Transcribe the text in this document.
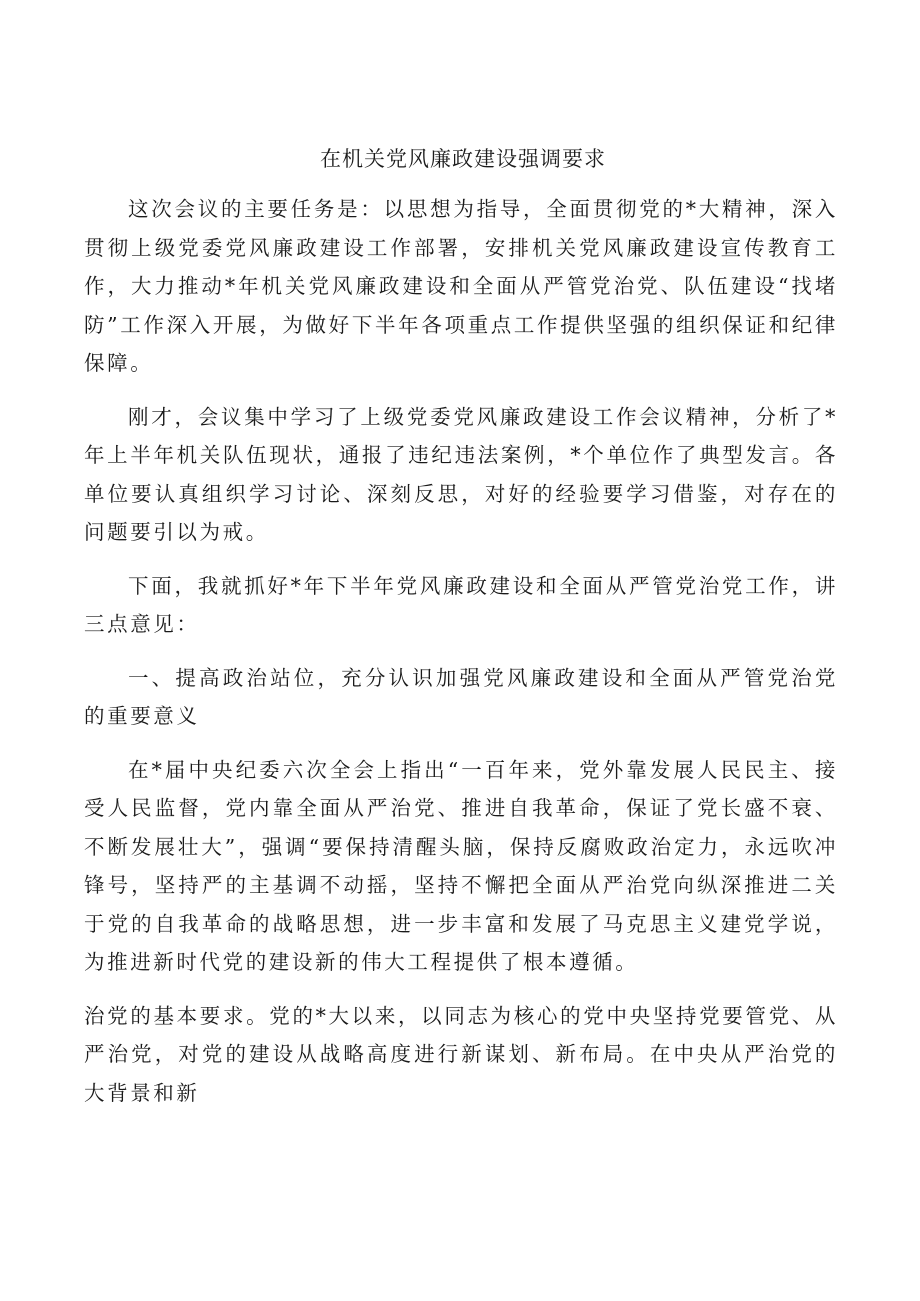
在机关党风廉政建设强调要求

这次会议的主要任务是：以思想为指导，全面贯彻党的*大精神，深入贯彻上级党委党风廉政建设工作部署，安排机关党风廉政建设宣传教育工作，大力推动*年机关党风廉政建设和全面从严管党治党、队伍建设“找堵防”工作深入开展，为做好下半年各项重点工作提供坚强的组织保证和纪律保障。

刚才，会议集中学习了上级党委党风廉政建设工作会议精神，分析了*年上半年机关队伍现状，通报了违纪违法案例，*个单位作了典型发言。各单位要认真组织学习讨论、深刻反思，对好的经验要学习借鉴，对存在的问题要引以为戒。

下面，我就抓好*年下半年党风廉政建设和全面从严管党治党工作，讲三点意见：

一、提高政治站位，充分认识加强党风廉政建设和全面从严管党治党的重要意义

在*届中央纪委六次全会上指出“一百年来，党外靠发展人民民主、接受人民监督，党内靠全面从严治党、推进自我革命，保证了党长盛不衰、不断发展壮大”，强调“要保持清醒头脑，保持反腐败政治定力，永远吹冲锋号，坚持严的主基调不动摇，坚持不懈把全面从严治党向纵深推进二关于党的自我革命的战略思想，进一步丰富和发展了马克思主义建党学说，为推进新时代党的建设新的伟大工程提供了根本遵循。

治党的基本要求。党的*大以来，以同志为核心的党中央坚持党要管党、从严治党，对党的建设从战略高度进行新谋划、新布局。在中央从严治党的大背景和新
